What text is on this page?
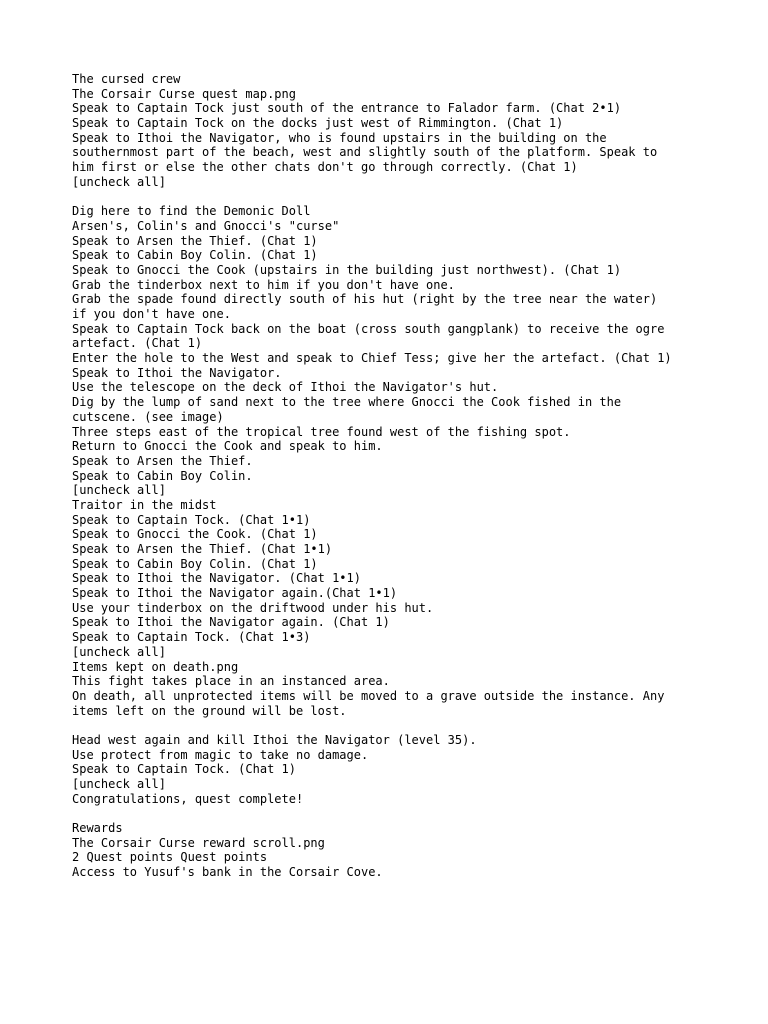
The cursed crew
The Corsair Curse quest map.png
Speak to Captain Tock just south of the entrance to Falador farm. (Chat 2•1)
Speak to Captain Tock on the docks just west of Rimmington. (Chat 1)
Speak to Ithoi the Navigator, who is found upstairs in the building on the
southernmost part of the beach, west and slightly south of the platform. Speak to
him first or else the other chats don't go through correctly. (Chat 1)
[uncheck all]
Dig here to find the Demonic Doll
Arsen's, Colin's and Gnocci's "curse"
Speak to Arsen the Thief. (Chat 1)
Speak to Cabin Boy Colin. (Chat 1)
Speak to Gnocci the Cook (upstairs in the building just northwest). (Chat 1)
Grab the tinderbox next to him if you don't have one.
Grab the spade found directly south of his hut (right by the tree near the water)
if you don't have one.
Speak to Captain Tock back on the boat (cross south gangplank) to receive the ogre
artefact. (Chat 1)
Enter the hole to the West and speak to Chief Tess; give her the artefact. (Chat 1)
Speak to Ithoi the Navigator.
Use the telescope on the deck of Ithoi the Navigator's hut.
Dig by the lump of sand next to the tree where Gnocci the Cook fished in the
cutscene. (see image)
Three steps east of the tropical tree found west of the fishing spot.
Return to Gnocci the Cook and speak to him.
Speak to Arsen the Thief.
Speak to Cabin Boy Colin.
[uncheck all]
Traitor in the midst
Speak to Captain Tock. (Chat 1•1)
Speak to Gnocci the Cook. (Chat 1)
Speak to Arsen the Thief. (Chat 1•1)
Speak to Cabin Boy Colin. (Chat 1)
Speak to Ithoi the Navigator. (Chat 1•1)
Speak to Ithoi the Navigator again.(Chat 1•1)
Use your tinderbox on the driftwood under his hut.
Speak to Ithoi the Navigator again. (Chat 1)
Speak to Captain Tock. (Chat 1•3)
[uncheck all]
Items kept on death.png
This fight takes place in an instanced area.
On death, all unprotected items will be moved to a grave outside the instance. Any
items left on the ground will be lost.
Head west again and kill Ithoi the Navigator (level 35).
Use protect from magic to take no damage.
Speak to Captain Tock. (Chat 1)
[uncheck all]
Congratulations, quest complete!
Rewards
The Corsair Curse reward scroll.png
2 Quest points Quest points
Access to Yusuf's bank in the Corsair Cove.
